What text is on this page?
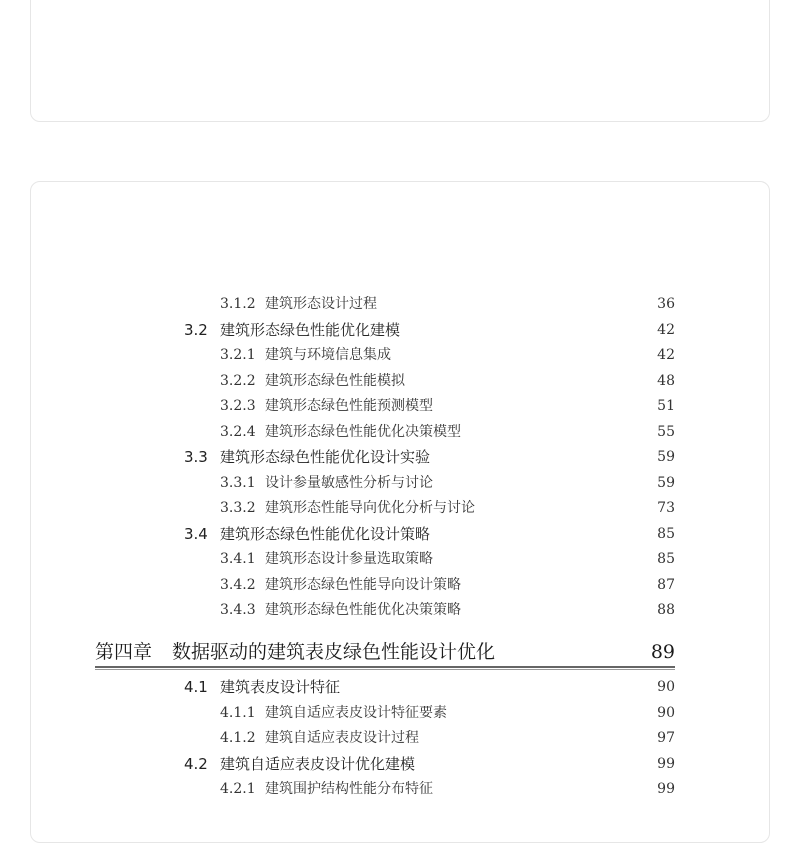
3.1.2 建筑形态设计过程	36
3.2 建筑形态绿色性能优化建模	42
3.2.1 建筑与环境信息集成	42
3.2.2 建筑形态绿色性能模拟	48
3.2.3 建筑形态绿色性能预测模型	51
3.2.4 建筑形态绿色性能优化决策模型	55
3.3 建筑形态绿色性能优化设计实验	59
3.3.1 设计参量敏感性分析与讨论	59
3.3.2 建筑形态性能导向优化分析与讨论	73
3.4 建筑形态绿色性能优化设计策略	85
3.4.1 建筑形态设计参量选取策略	85
3.4.2 建筑形态绿色性能导向设计策略	87
3.4.3 建筑形态绿色性能优化决策策略	88
第四章 数据驱动的建筑表皮绿色性能设计优化	89
4.1 建筑表皮设计特征	90
4.1.1 建筑自适应表皮设计特征要素	90
4.1.2 建筑自适应表皮设计过程	97
4.2 建筑自适应表皮设计优化建模	99
4.2.1 建筑围护结构性能分布特征	99
